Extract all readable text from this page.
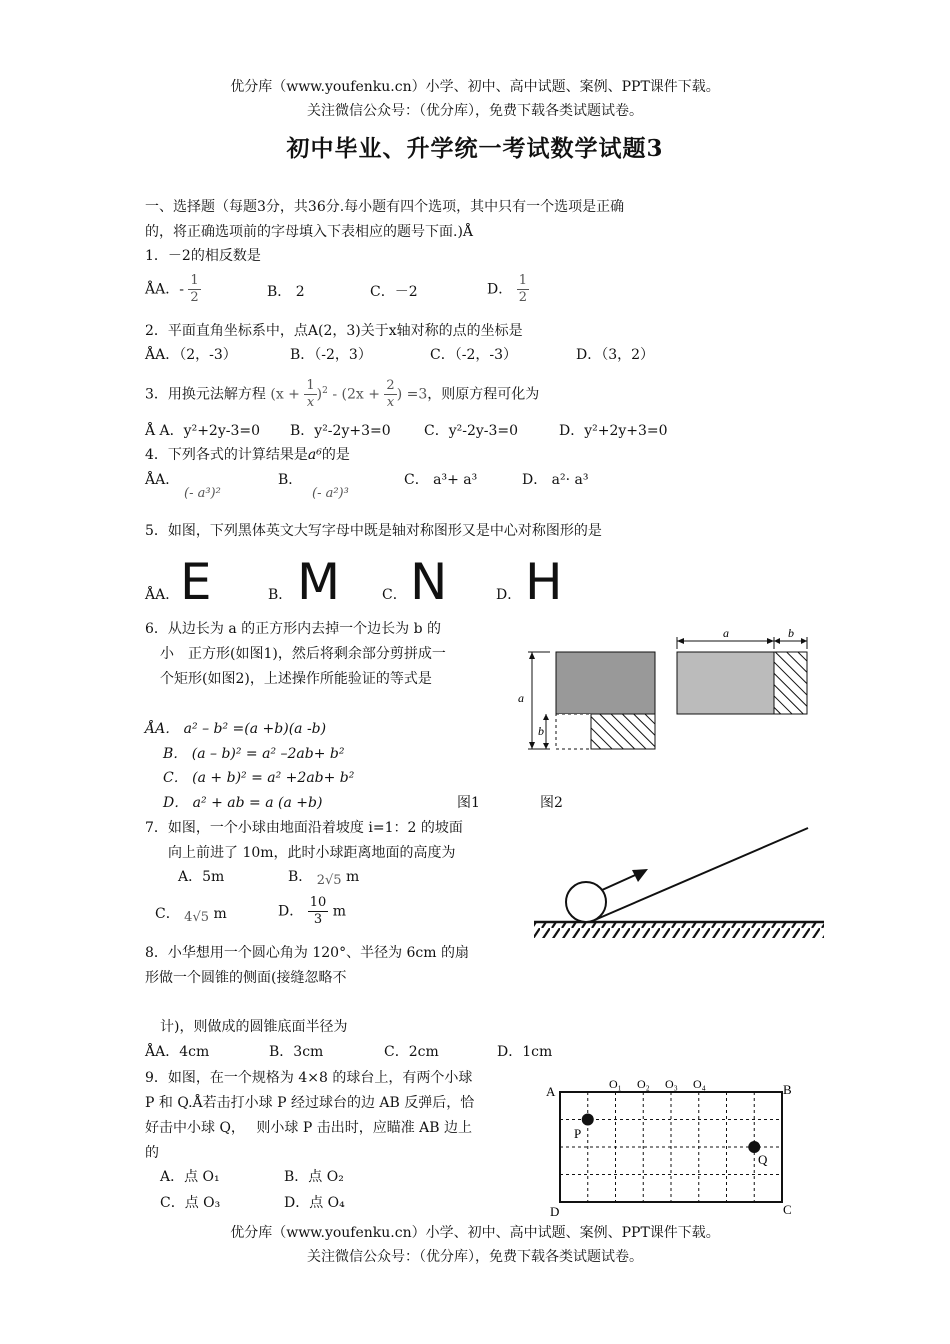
优分库（www.youfenku.cn）小学、初中、高中试题、案例、PPT课件下载。
关注微信公众号：（优分库），免费下载各类试题试卷。
初中毕业、升学统一考试数学试题3
一、选择题（每题3分，共36分.每小题有四个选项，其中只有一个选项是正确
的，将正确选项前的字母填入下表相应的题号下面.)Å
1．－2的相反数是
ÅA．- $\frac{1}{2}$	B． 2	C．－2	D． $\frac{1}{2}$
2．平面直角坐标系中，点A(2，3)关于x轴对称的点的坐标是
ÅA．（2，-3）	B．（-2，3）	C．（-2，-3）	D．（3，2）
3．用换元法解方程 $(x + \frac{1}{x} )^2 - (2x + \frac{2}{x}$ ) =3，则原方程可化为
Å A．y²+2y-3=0 B．y²-2y+3=0 C．y²-2y-3=0	D．y²+2y+3=0
4．下列各式的计算结果是a⁶的是
ÅA．
(- a³)²
B．
(- a²)³
C． a³+ a³	D． a²· a³
5．如图，下列黑体英文大写字母中既是轴对称图形又是中心对称图形的是
ÅA． E	B． M	C． N	D． H
6．从边长为 a 的正方形内去掉一个边长为 b 的
小　正方形(如图1)，然后将剩余部分剪拼成一
个矩形(如图2)，上述操作所能验证的等式是
ÅA． a² – b² =(a +b)(a -b)
B． (a – b)² = a² –2ab+ b²
C． (a + b)² = a² +2ab+ b²
D． a² + ab = a (a +b)	图1	图2
a
b
a	b
7．如图，一个小球由地面沿着坡度 i=1：2 的坡面
向上前进了 10m，此时小球距离地面的高度为
A．5m	B． 2√5 m
C． 4√5 m	D． $\frac{10}{3}$ m
8．小华想用一个圆心角为 120°、半径为 6cm 的扇
形做一个圆锥的侧面(接缝忽略不
计)，则做成的圆锥底面半径为
ÅA．4cm	B．3cm	C．2cm	D．1cm
9．如图，在一个规格为 4×8 的球台上，有两个小球
P 和 Q.Å若击打小球 P 经过球台的边 AB 反弹后，恰
好击中小球 Q，　 则小球 P 击出时，应瞄准 AB 边上
的
A．点 O₁	B．点 O₂
C．点 O₃	D．点 O₄
A	B
C
D
P
Q
O₁ O₂ O₃ O₄
优分库（www.youfenku.cn）小学、初中、高中试题、案例、PPT课件下载。
关注微信公众号：（优分库），免费下载各类试题试卷。
